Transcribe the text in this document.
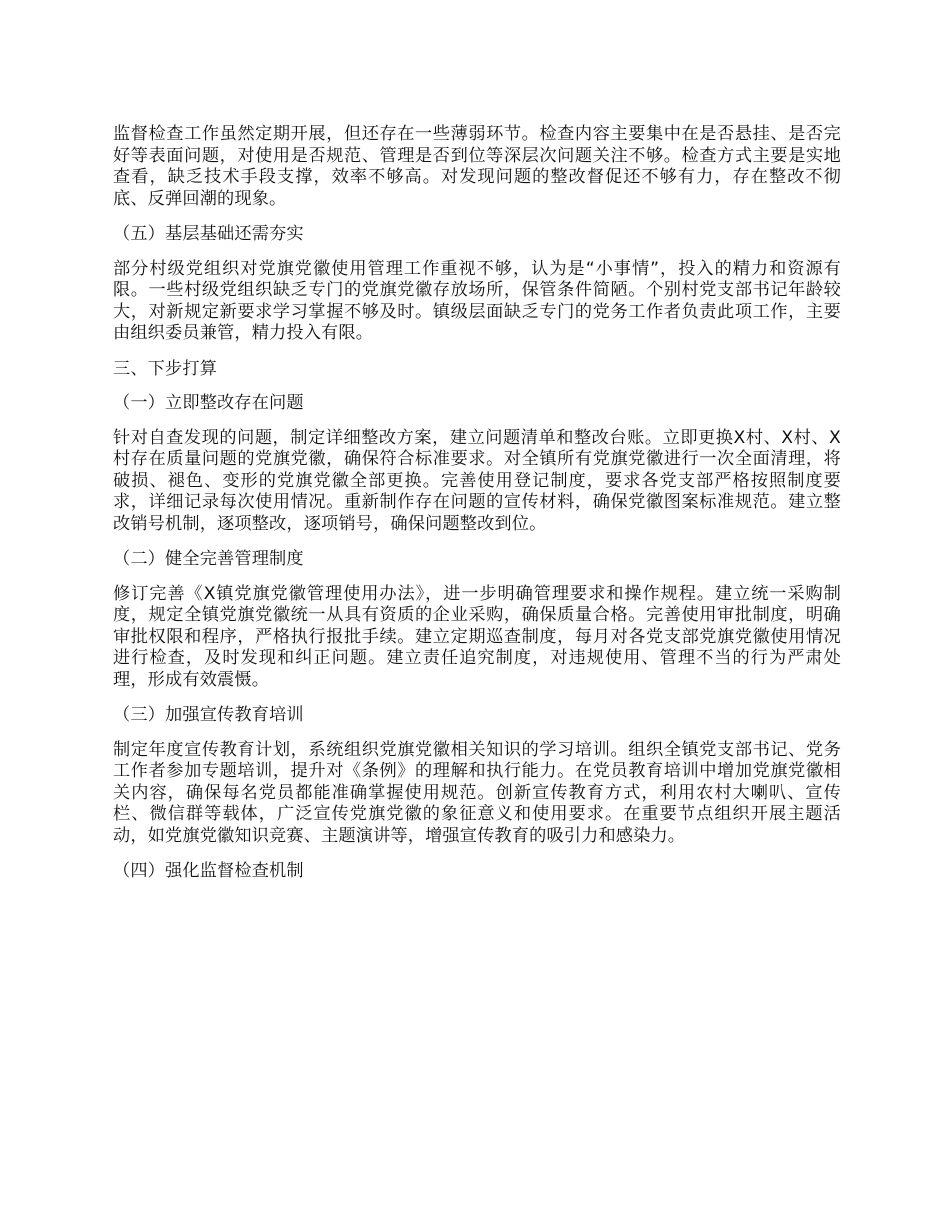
监督检查工作虽然定期开展，但还存在一些薄弱环节。检查内容主要集中在是否悬挂、是否完好等表面问题，对使用是否规范、管理是否到位等深层次问题关注不够。检查方式主要是实地查看，缺乏技术手段支撑，效率不够高。对发现问题的整改督促还不够有力，存在整改不彻底、反弹回潮的现象。

（五）基层基础还需夯实

部分村级党组织对党旗党徽使用管理工作重视不够，认为是“小事情”，投入的精力和资源有限。一些村级党组织缺乏专门的党旗党徽存放场所，保管条件简陋。个别村党支部书记年龄较大，对新规定新要求学习掌握不够及时。镇级层面缺乏专门的党务工作者负责此项工作，主要由组织委员兼管，精力投入有限。

三、下步打算

（一）立即整改存在问题

针对自查发现的问题，制定详细整改方案，建立问题清单和整改台账。立即更换X村、X村、X村存在质量问题的党旗党徽，确保符合标准要求。对全镇所有党旗党徽进行一次全面清理，将破损、褪色、变形的党旗党徽全部更换。完善使用登记制度，要求各党支部严格按照制度要求，详细记录每次使用情况。重新制作存在问题的宣传材料，确保党徽图案标准规范。建立整改销号机制，逐项整改，逐项销号，确保问题整改到位。

（二）健全完善管理制度

修订完善《X镇党旗党徽管理使用办法》，进一步明确管理要求和操作规程。建立统一采购制度，规定全镇党旗党徽统一从具有资质的企业采购，确保质量合格。完善使用审批制度，明确审批权限和程序，严格执行报批手续。建立定期巡查制度，每月对各党支部党旗党徽使用情况进行检查，及时发现和纠正问题。建立责任追究制度，对违规使用、管理不当的行为严肃处理，形成有效震慑。

（三）加强宣传教育培训

制定年度宣传教育计划，系统组织党旗党徽相关知识的学习培训。组织全镇党支部书记、党务工作者参加专题培训，提升对《条例》的理解和执行能力。在党员教育培训中增加党旗党徽相关内容，确保每名党员都能准确掌握使用规范。创新宣传教育方式，利用农村大喇叭、宣传栏、微信群等载体，广泛宣传党旗党徽的象征意义和使用要求。在重要节点组织开展主题活动，如党旗党徽知识竞赛、主题演讲等，增强宣传教育的吸引力和感染力。

（四）强化监督检查机制
